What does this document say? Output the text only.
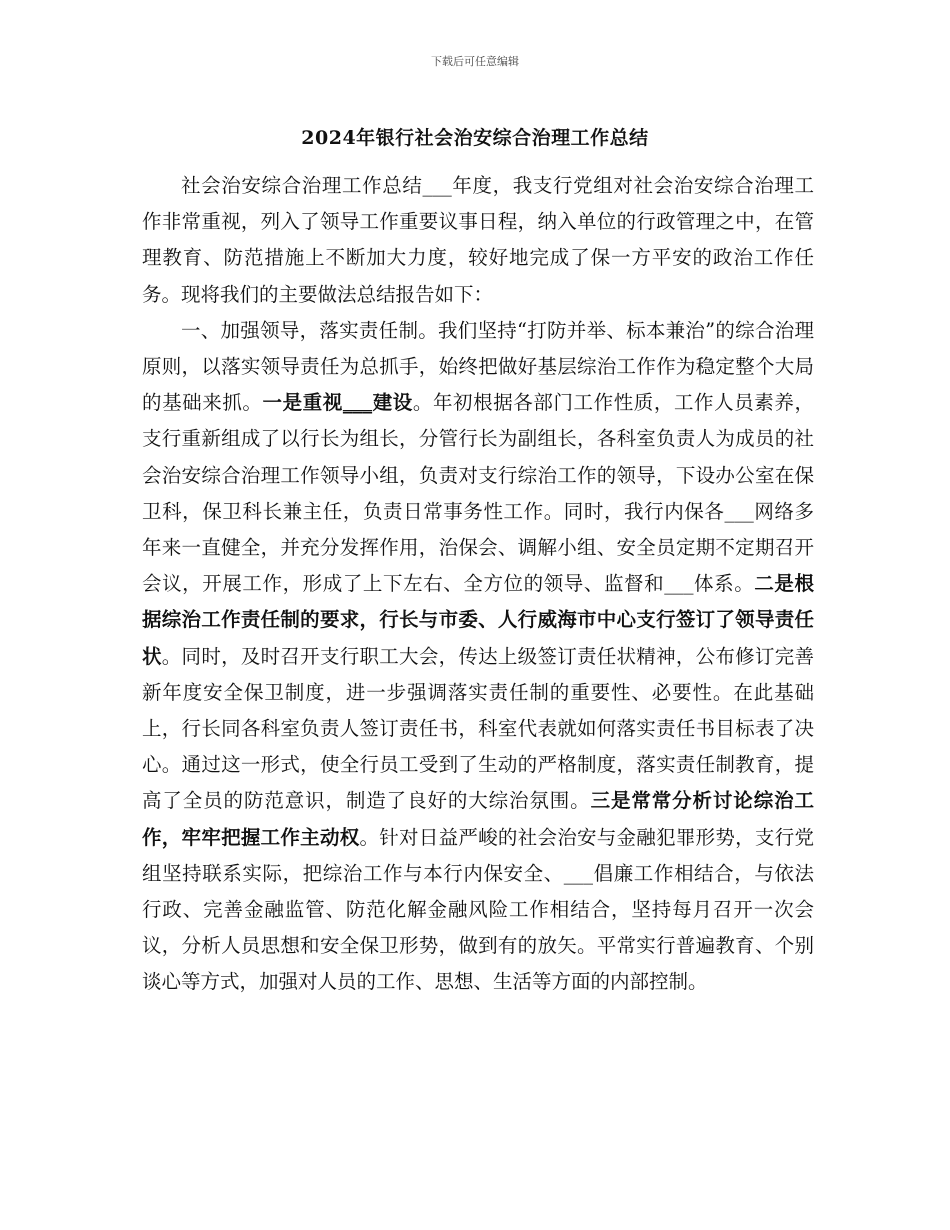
下载后可任意编辑
2024年银行社会治安综合治理工作总结

社会治安综合治理工作总结___年度，我支行党组对社会治安综合治理工作非常重视，列入了领导工作重要议事日程，纳入单位的行政管理之中，在管理教育、防范措施上不断加大力度，较好地完成了保一方平安的政治工作任务。现将我们的主要做法总结报告如下：

一、加强领导，落实责任制。我们坚持“打防并举、标本兼治”的综合治理原则，以落实领导责任为总抓手，始终把做好基层综治工作作为稳定整个大局的基础来抓。一是重视___建设。年初根据各部门工作性质，工作人员素养，支行重新组成了以行长为组长，分管行长为副组长，各科室负责人为成员的社会治安综合治理工作领导小组，负责对支行综治工作的领导，下设办公室在保卫科，保卫科长兼主任，负责日常事务性工作。同时，我行内保各___网络多年来一直健全，并充分发挥作用，治保会、调解小组、安全员定期不定期召开会议，开展工作，形成了上下左右、全方位的领导、监督和___体系。二是根据综治工作责任制的要求，行长与市委、人行威海市中心支行签订了领导责任状。同时，及时召开支行职工大会，传达上级签订责任状精神，公布修订完善新年度安全保卫制度，进一步强调落实责任制的重要性、必要性。在此基础上，行长同各科室负责人签订责任书，科室代表就如何落实责任书目标表了决心。通过这一形式，使全行员工受到了生动的严格制度，落实责任制教育，提高了全员的防范意识，制造了良好的大综治氛围。三是常常分析讨论综治工作，牢牢把握工作主动权。针对日益严峻的社会治安与金融犯罪形势，支行党组坚持联系实际，把综治工作与本行内保安全、___倡廉工作相结合，与依法行政、完善金融监管、防范化解金融风险工作相结合，坚持每月召开一次会议，分析人员思想和安全保卫形势，做到有的放矢。平常实行普遍教育、个别谈心等方式，加强对人员的工作、思想、生活等方面的内部控制。
